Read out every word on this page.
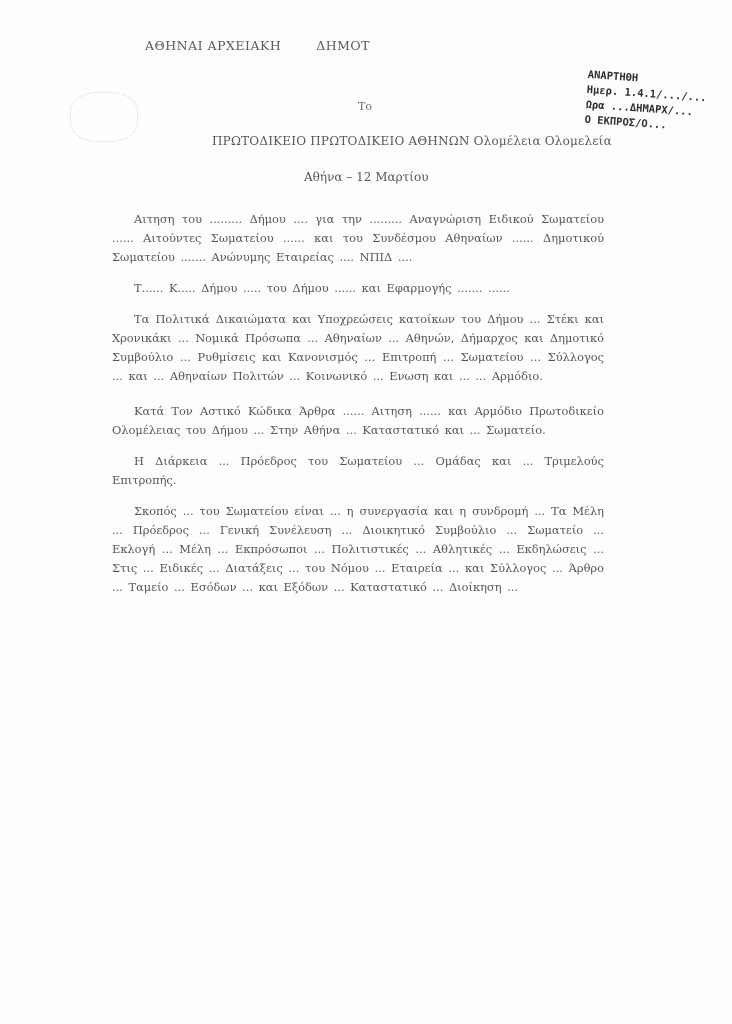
ΑΘΗΝΑΙ ΑΡΧΕΙΑΚΗ	ΔΗΜΟΤ
ΑΝΑΡΤΗΘΗ
Ημερ. 1.4.1/.../...
Ωρα ...ΔΗΜΑΡΧ/...
Ο ΕΚΠΡΟΣ/Ο...
Το
ΠΡΩΤΟΔΙΚΕΙΟ ΠΡΩΤΟΔΙΚΕΙΟ ΑΘΗΝΩΝ Ολομέλεια Ολομελεία
Αθήνα – 12 Μαρτίου

Αιτηση του ......... Δήμου .... για την ......... Αναγνώριση Ειδικού Σωματείου ...... Αιτούντες Σωματείου ...... και του Συνδέσμου Αθηναίων ...... Δημοτικού Σωματείου ....... Ανώνυμης Εταιρείας .... ΝΠΙΔ ....

Τ...... Κ..... Δήμου ..... του Δήμου ...... και Εφαρμογής ....... ......

Τα Πολιτικά Δικαιώματα και Υποχρεώσεις κατοίκων του Δήμου ... Στέκι και Χρονικάκι ... Νομικά Πρόσωπα ... Αθηναίων ... Αθηνών, Δήμαρχος και Δημοτικό Συμβούλιο ... Ρυθμίσεις και Κανονισμός ... Επιτροπή ... Σωματείου ... Σύλλογος ... και ... Αθηναίων Πολιτών ... Κοινωνικό ... Ενωση και ... ... Αρμόδιο.

Κατά Τον Αστικό Κώδικα Άρθρα ...... Αιτηση ...... και Αρμόδιο Πρωτοδικείο Ολομέλειας του Δήμου ... Στην Αθήνα ... Καταστατικό και ... Σωματείο.

Η Διάρκεια ... Πρόεδρος του Σωματείου ... Ομάδας και ... Τριμελούς Επιτροπής.

Σκοπός ... του Σωματείου είναι ... η συνεργασία και η συνδρομή ... Τα Μέλη ... Πρόεδρος ... Γενική Συνέλευση ... Διοικητικό Συμβούλιο ... Σωματείο ... Εκλογή ... Μέλη ... Εκπρόσωποι ... Πολιτιστικές ... Αθλητικές ... Εκδηλώσεις ... Στις ... Ειδικές ... Διατάξεις ... του Νόμου ... Εταιρεία ... και Σύλλογος ... Άρθρο ... Ταμείο ... Εσόδων ... και Εξόδων ... Καταστατικό ... Διοίκηση ...
